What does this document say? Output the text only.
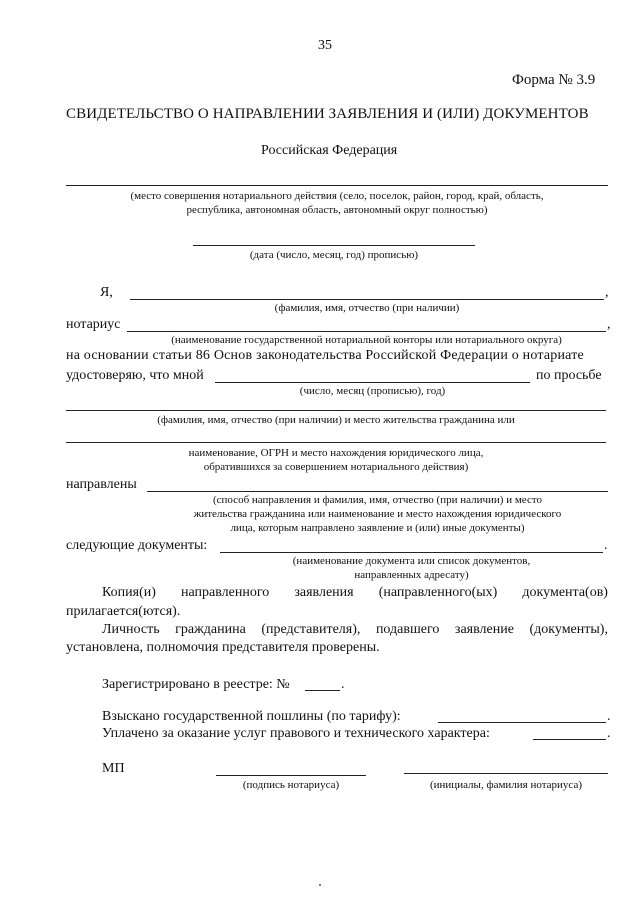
35
Форма № 3.9
СВИДЕТЕЛЬСТВО О НАПРАВЛЕНИИ ЗАЯВЛЕНИЯ И (ИЛИ) ДОКУМЕНТОВ
Российская Федерация
(место совершения нотариального действия (село, поселок, район, город, край, область,
республика, автономная область, автономный округ полностью)
(дата (число, месяц, год) прописью)
Я,	,
(фамилия, имя, отчество (при наличии)
нотариус	,
(наименование государственной нотариальной конторы или нотариального округа)
на основании статьи 86 Основ законодательства Российской Федерации о нотариате
удостоверяю, что мной	по просьбе
(число, месяц (прописью), год)
(фамилия, имя, отчество (при наличии) и место жительства гражданина или
наименование, ОГРН и место нахождения юридического лица,
обратившихся за совершением нотариального действия)
направлены
(способ направления и фамилия, имя, отчество (при наличии) и место
жительства гражданина или наименование и место нахождения юридического
лица, которым направлено заявление и (или) иные документы)
следующие документы:	.
(наименование документа или список документов,
направленных адресату)
Копия(и) направленного заявления (направленного(ых) документа(ов)
прилагается(ются).
Личность гражданина (представителя), подавшего заявление (документы),
установлена, полномочия представителя проверены.
Зарегистрировано в реестре: №	.
Взыскано государственной пошлины (по тарифу):	.
Уплачено за оказание услуг правового и технического характера:	.
МП
(подпись нотариуса)	(инициалы, фамилия нотариуса)
